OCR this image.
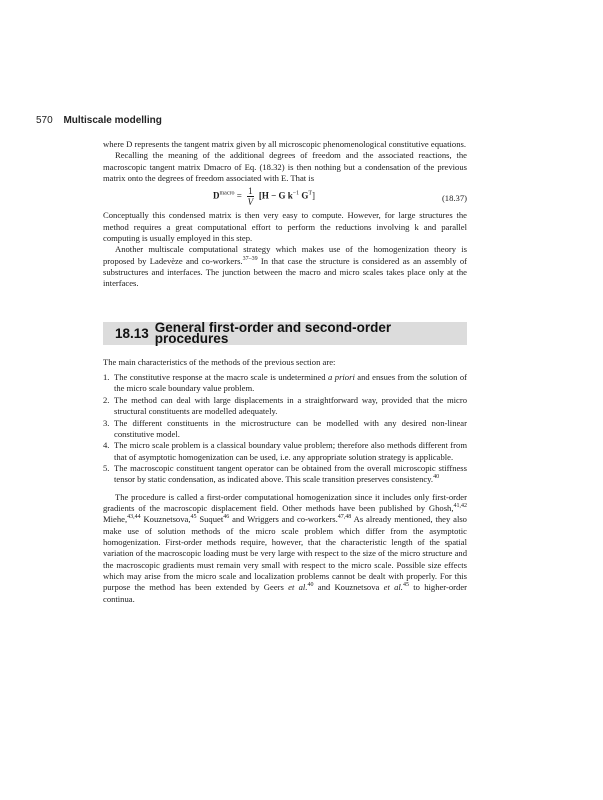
570 Multiscale modelling

where D represents the tangent matrix given by all microscopic phenomenological constitutive equations.

Recalling the meaning of the additional degrees of freedom and the associated reactions, the macroscopic tangent matrix Dmacro of Eq. (18.32) is then nothing but a condensation of the previous matrix onto the degrees of freedom associated with E. That is

$D^{macro} = \frac{1}{V} [H - G$ $k^{-1}$ $G^T$]	(18.37)

Conceptually this condensed matrix is then very easy to compute. However, for large structures the method requires a great computational effort to perform the reductions involving k and parallel computing is usually employed in this step.

Another multiscale computational strategy which makes use of the homogenization theory is proposed by Ladevèze and co-workers.$^{37-39}$ In that case the structure is considered as an assembly of substructures and interfaces. The junction between the macro and micro scales takes place only at the interfaces.

18.13 General first-order and second-order procedures

The main characteristics of the methods of the previous section are:

1. The constitutive response at the macro scale is undetermined a priori and ensues from the solution of the micro scale boundary value problem.
2. The method can deal with large displacements in a straightforward way, provided that the micro structural constituents are modelled adequately.
3. The different constituents in the microstructure can be modelled with any desired non-linear constitutive model.
4. The micro scale problem is a classical boundary value problem; therefore also methods different from that of asymptotic homogenization can be used, i.e. any appropriate solution strategy is applicable.
5. The macroscopic constituent tangent operator can be obtained from the overall microscopic stiffness tensor by static condensation, as indicated above. This scale transition preserves consistency.$^{40}$

The procedure is called a first-order computational homogenization since it includes only first-order gradients of the macroscopic displacement field. Other methods have been published by Ghosh,$^{41,42}$ Miehe,$^{43,44}$ Kouznetsova,$^{45}$ Suquet$^{46}$ and Wriggers and co-workers.$^{47,48}$ As already mentioned, they also make use of solution methods of the micro scale problem which differ from the asymptotic homogenization. First-order methods require, however, that the characteristic length of the spatial variation of the macroscopic loading must be very large with respect to the size of the micro structure and the macroscopic gradients must remain very small with respect to the micro scale. Possible size effects which may arise from the micro scale and localization problems cannot be dealt with properly. For this purpose the method has been extended by Geers et al.$^{40}$ and Kouznetsova et al.$^{45}$ to higher-order continua.
